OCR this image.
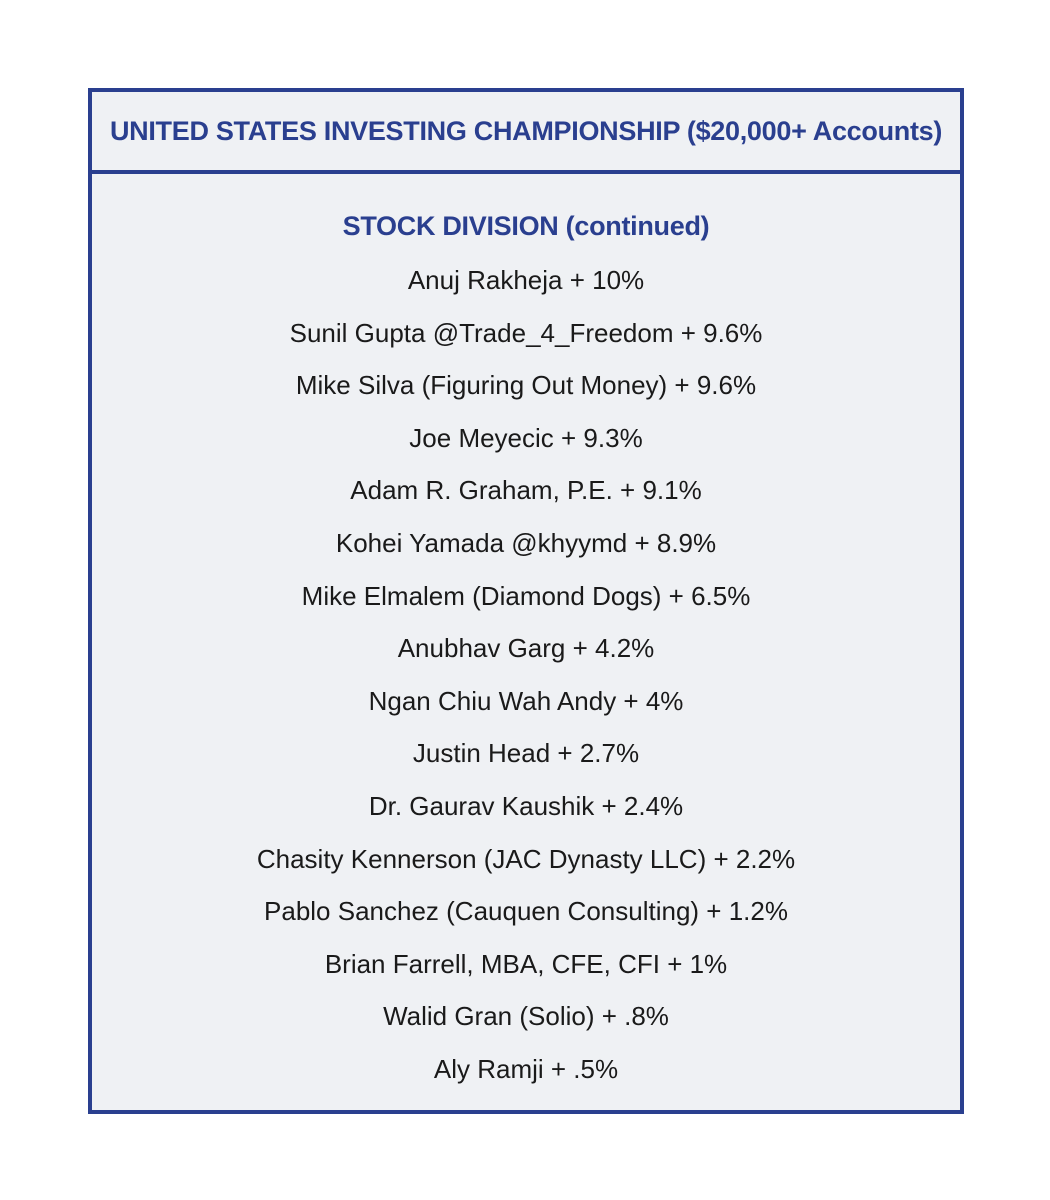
UNITED STATES INVESTING CHAMPIONSHIP ($20,000+ Accounts)
STOCK DIVISION (continued)
Anuj Rakheja + 10%
Sunil Gupta @Trade_4_Freedom + 9.6%
Mike Silva (Figuring Out Money) + 9.6%
Joe Meyecic + 9.3%
Adam R. Graham, P.E. + 9.1%
Kohei Yamada @khyymd + 8.9%
Mike Elmalem (Diamond Dogs) + 6.5%
Anubhav Garg + 4.2%
Ngan Chiu Wah Andy + 4%
Justin Head + 2.7%
Dr. Gaurav Kaushik + 2.4%
Chasity Kennerson (JAC Dynasty LLC) + 2.2%
Pablo Sanchez (Cauquen Consulting) + 1.2%
Brian Farrell, MBA, CFE, CFI + 1%
Walid Gran (Solio) + .8%
Aly Ramji + .5%
